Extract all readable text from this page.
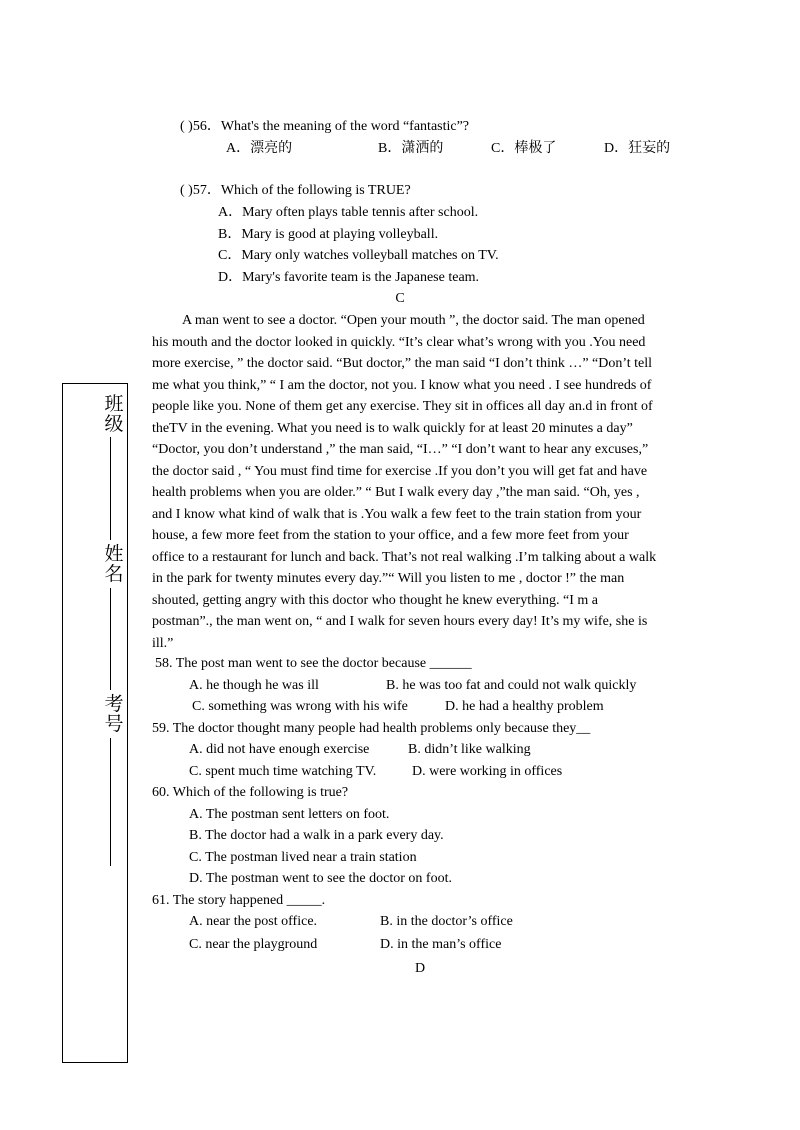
( )56．What's the meaning of the word “fantastic”?
A．漂亮的	B．潇洒的	C．棒极了	D．狂妄的
( )57．Which of the following is TRUE?
A．Mary often plays table tennis after school.
B．Mary is good at playing volleyball.
C．Mary only watches volleyball matches on TV.
D．Mary's favorite team is the Japanese team.
C
A man went to see a doctor. “Open your mouth ”, the doctor said. The man opened
his mouth and the doctor looked in quickly. “It’s clear what’s wrong with you .You need
more exercise, ” the doctor said. “But doctor,” the man said “I don’t think …” “Don’t tell
me what you think,” “ I am the doctor, not you. I know what you need . I see hundreds of
people like you. None of them get any exercise. They sit in offices all day an.d in front of
theTV in the evening. What you need is to walk quickly for at least 20 minutes a day”
“Doctor, you don’t understand ,” the man said, “I…” “I don’t want to hear any excuses,”
the doctor said , “ You must find time for exercise .If you don’t you will get fat and have
health problems when you are older.” “ But I walk every day ,”the man said. “Oh, yes ,
and I know what kind of walk that is .You walk a few feet to the train station from your
house, a few more feet from the station to your office, and a few more feet from your
office to a restaurant for lunch and back. That’s not real walking .I’m talking about a walk
in the park for twenty minutes every day.”“ Will you listen to me , doctor !” the man
shouted, getting angry with this doctor who thought he knew everything. “I m a
postman”., the man went on, “ and I walk for seven hours every day! It’s my wife, she is
ill.”
58. The post man went to see the doctor because ______
A. he though he was ill	B. he was too fat and could not walk quickly
C. something was wrong with his wife	D. he had a healthy problem
59. The doctor thought many people had health problems only because they__
A. did not have enough exercise	B. didn’t like walking
C. spent much time watching TV.	D. were working in offices
60. Which of the following is true?
A. The postman sent letters on foot.
B. The doctor had a walk in a park every day.
C. The postman lived near a train station
D. The postman went to see the doctor on foot.
61. The story happened _____.
A. near the post office.	B. in the doctor’s office
C. near the playground	D. in the man’s office
D
班
级
姓
名
考
号
